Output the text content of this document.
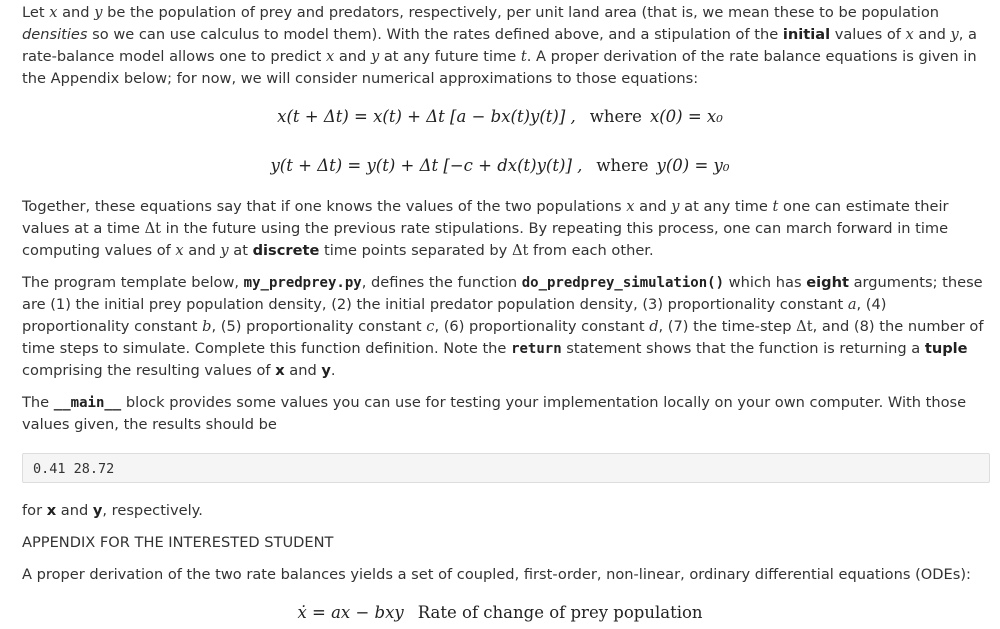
Let x and y be the population of prey and predators, respectively, per unit land area (that is, we mean these to be population densities so we can use calculus to model them). With the rates defined above, and a stipulation of the initial values of x and y, a rate-balance model allows one to predict x and y at any future time t. A proper derivation of the rate balance equations is given in the Appendix below; for now, we will consider numerical approximations to those equations:

x(t + Δt) = x(t) + Δt [a − bx(t)y(t)] , where x(0) = x₀
y(t + Δt) = y(t) + Δt [−c + dx(t)y(t)] , where y(0) = y₀

Together, these equations say that if one knows the values of the two populations x and y at any time t one can estimate their values at a time Δt in the future using the previous rate stipulations. By repeating this process, one can march forward in time computing values of x and y at discrete time points separated by Δt from each other.

The program template below, my_predprey.py, defines the function do_predprey_simulation() which has eight arguments; these are (1) the initial prey population density, (2) the initial predator population density, (3) proportionality constant a, (4) proportionality constant b, (5) proportionality constant c, (6) proportionality constant d, (7) the time-step Δt, and (8) the number of time steps to simulate. Complete this function definition. Note the return statement shows that the function is returning a tuple comprising the resulting values of x and y.

The __main__ block provides some values you can use for testing your implementation locally on your own computer. With those values given, the results should be

0.41 28.72

for x and y, respectively.

APPENDIX FOR THE INTERESTED STUDENT

A proper derivation of the two rate balances yields a set of coupled, first-order, non-linear, ordinary differential equations (ODEs):

ẋ = ax − bxy Rate of change of prey population
